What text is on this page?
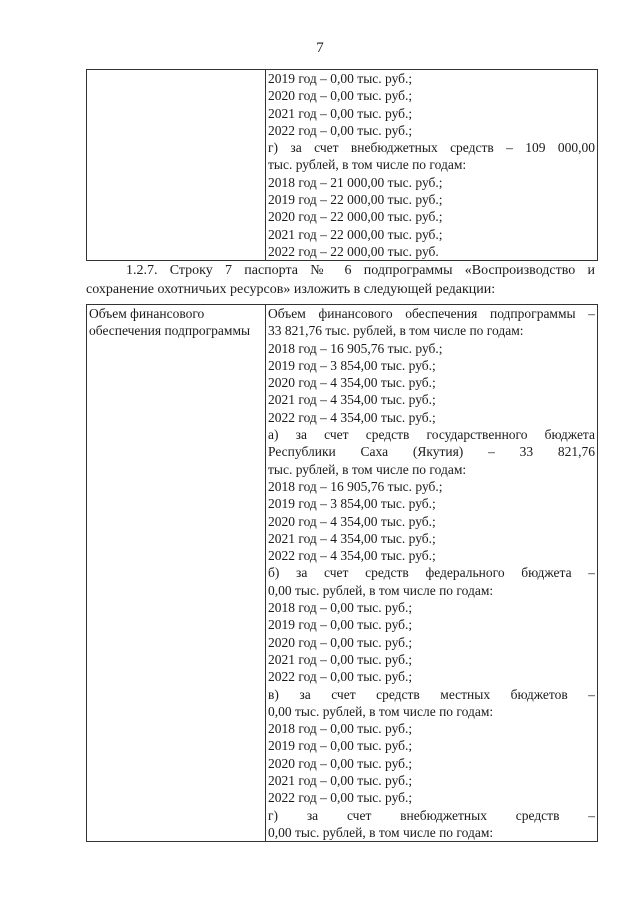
7

2019 год – 0,00 тыс. руб.;
2020 год – 0,00 тыс. руб.;
2021 год – 0,00 тыс. руб.;
2022 год – 0,00 тыс. руб.;
г) за счет внебюджетных средств – 109 000,00
тыс. рублей, в том числе по годам:
2018 год – 21 000,00 тыс. руб.;
2019 год – 22 000,00 тыс. руб.;
2020 год – 22 000,00 тыс. руб.;
2021 год – 22 000,00 тыс. руб.;
2022 год – 22 000,00 тыс. руб.
1.2.7. Строку 7 паспорта № 6 подпрограммы «Воспроизводство и
сохранение охотничьих ресурсов» изложить в следующей редакции:
Объем финансового обеспечения подпрограммы

Объем финансового обеспечения подпрограммы –
33 821,76 тыс. рублей, в том числе по годам:
2018 год – 16 905,76 тыс. руб.;
2019 год – 3 854,00 тыс. руб.;
2020 год – 4 354,00 тыс. руб.;
2021 год – 4 354,00 тыс. руб.;
2022 год – 4 354,00 тыс. руб.;
а) за счет средств государственного бюджета
Республики Саха (Якутия) – 33 821,76
тыс. рублей, в том числе по годам:
2018 год – 16 905,76 тыс. руб.;
2019 год – 3 854,00 тыс. руб.;
2020 год – 4 354,00 тыс. руб.;
2021 год – 4 354,00 тыс. руб.;
2022 год – 4 354,00 тыс. руб.;
б) за счет средств федерального бюджета –
0,00 тыс. рублей, в том числе по годам:
2018 год – 0,00 тыс. руб.;
2019 год – 0,00 тыс. руб.;
2020 год – 0,00 тыс. руб.;
2021 год – 0,00 тыс. руб.;
2022 год – 0,00 тыс. руб.;
в) за счет средств местных бюджетов –
0,00 тыс. рублей, в том числе по годам:
2018 год – 0,00 тыс. руб.;
2019 год – 0,00 тыс. руб.;
2020 год – 0,00 тыс. руб.;
2021 год – 0,00 тыс. руб.;
2022 год – 0,00 тыс. руб.;
г) за счет внебюджетных средств –
0,00 тыс. рублей, в том числе по годам:
